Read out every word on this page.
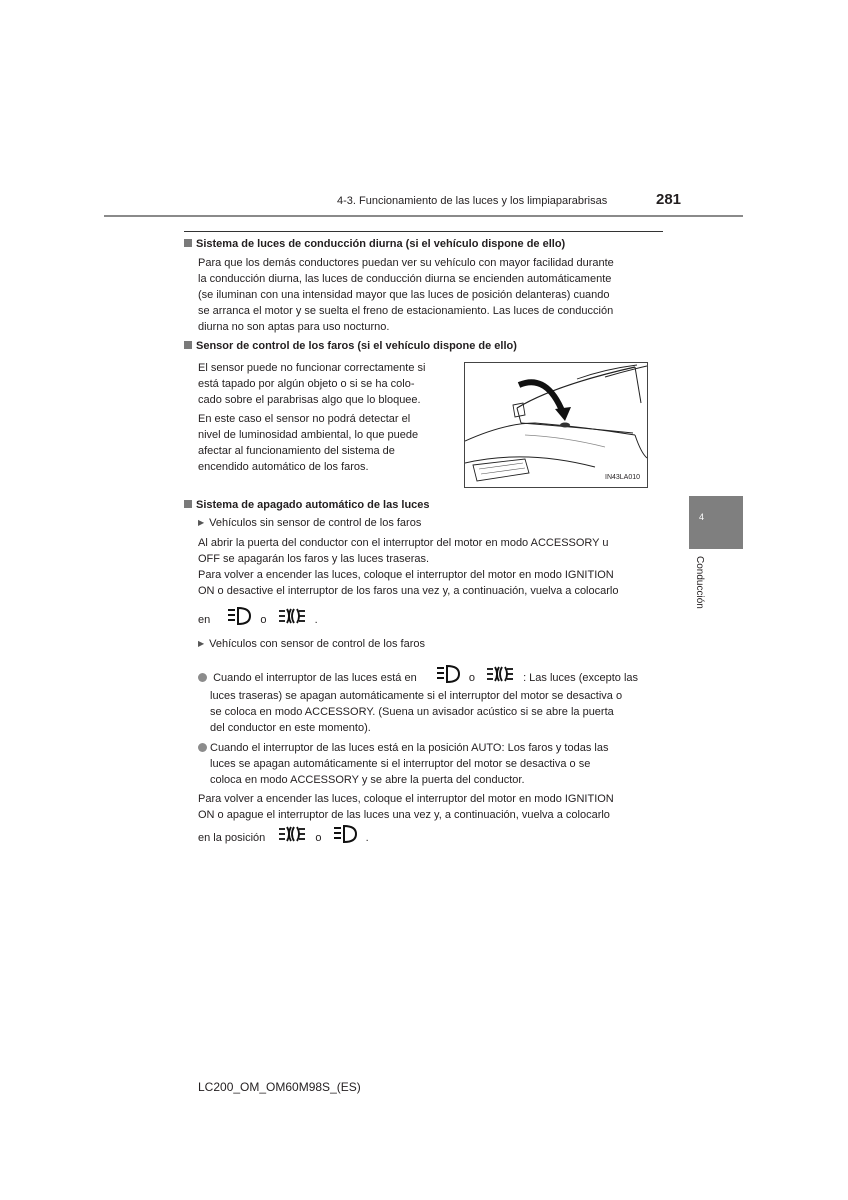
4-3. Funcionamiento de las luces y los limpiaparabrisas	281
4
Conducción
Sistema de luces de conducción diurna (si el vehículo dispone de ello)
Para que los demás conductores puedan ver su vehículo con mayor facilidad durante
la conducción diurna, las luces de conducción diurna se encienden automáticamente
(se iluminan con una intensidad mayor que las luces de posición delanteras) cuando
se arranca el motor y se suelta el freno de estacionamiento. Las luces de conducción
diurna no son aptas para uso nocturno.
Sensor de control de los faros (si el vehículo dispone de ello)
El sensor puede no funcionar correctamente si
está tapado por algún objeto o si se ha colo-
cado sobre el parabrisas algo que lo bloquee.
En este caso el sensor no podrá detectar el
nivel de luminosidad ambiental, lo que puede
afectar al funcionamiento del sistema de
encendido automático de los faros.
IN43LA010
Sistema de apagado automático de las luces
▶ Vehículos sin sensor de control de los faros
Al abrir la puerta del conductor con el interruptor del motor en modo ACCESSORY u
OFF se apagarán los faros y las luces traseras.
Para volver a encender las luces, coloque el interruptor del motor en modo IGNITION
ON o desactive el interruptor de los faros una vez y, a continuación, vuelva a colocarlo
en	o	.
▶ Vehículos con sensor de control de los faros
Cuando el interruptor de las luces está en	o	: Las luces (excepto las
luces traseras) se apagan automáticamente si el interruptor del motor se desactiva o
se coloca en modo ACCESSORY. (Suena un avisador acústico si se abre la puerta
del conductor en este momento).
Cuando el interruptor de las luces está en la posición AUTO: Los faros y todas las
luces se apagan automáticamente si el interruptor del motor se desactiva o se
coloca en modo ACCESSORY y se abre la puerta del conductor.
Para volver a encender las luces, coloque el interruptor del motor en modo IGNITION
ON o apague el interruptor de las luces una vez y, a continuación, vuelva a colocarlo
en la posición	o	.
LC200_OM_OM60M98S_(ES)
